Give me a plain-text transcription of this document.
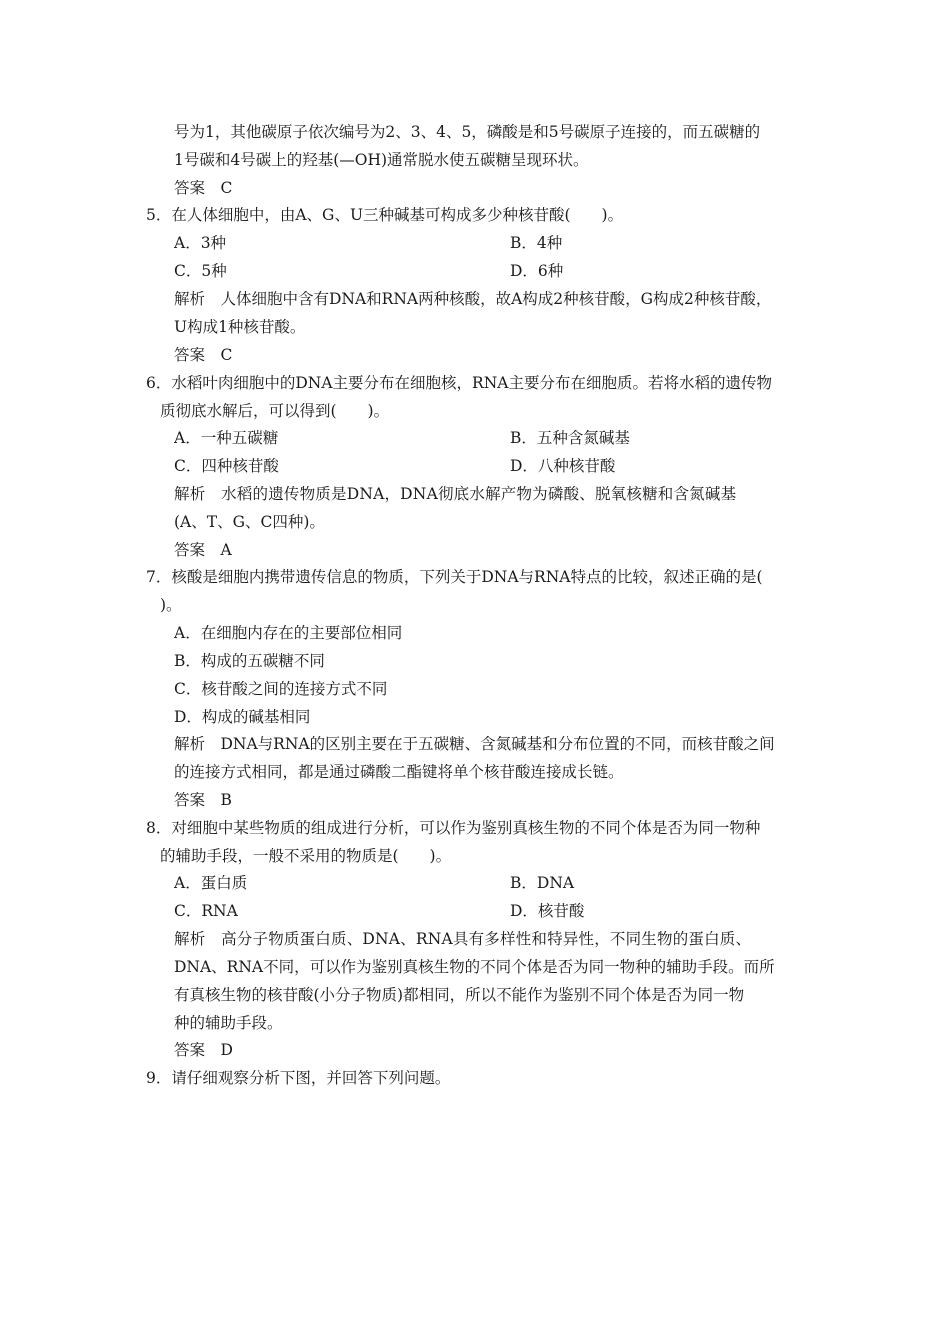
号为1，其他碳原子依次编号为2、3、4、5，磷酸是和5号碳原子连接的，而五碳糖的
1号碳和4号碳上的羟基(—OH)通常脱水使五碳糖呈现环状。
答案　C
5．在人体细胞中，由A、G、U三种碱基可构成多少种核苷酸(　　)。
A．3种	B．4种
C．5种	D．6种
解析　人体细胞中含有DNA和RNA两种核酸，故A构成2种核苷酸，G构成2种核苷酸，
U构成1种核苷酸。
答案　C
6．水稻叶肉细胞中的DNA主要分布在细胞核，RNA主要分布在细胞质。若将水稻的遗传物
质彻底水解后，可以得到(　　)。
A．一种五碳糖	B．五种含氮碱基
C．四种核苷酸	D．八种核苷酸
解析　水稻的遗传物质是DNA，DNA彻底水解产物为磷酸、脱氧核糖和含氮碱基
(A、T、G、C四种)。
答案　A
7．核酸是细胞内携带遗传信息的物质，下列关于DNA与RNA特点的比较，叙述正确的是(
)。
A．在细胞内存在的主要部位相同
B．构成的五碳糖不同
C．核苷酸之间的连接方式不同
D．构成的碱基相同
解析　DNA与RNA的区别主要在于五碳糖、含氮碱基和分布位置的不同，而核苷酸之间
的连接方式相同，都是通过磷酸二酯键将单个核苷酸连接成长链。
答案　B
8．对细胞中某些物质的组成进行分析，可以作为鉴别真核生物的不同个体是否为同一物种
的辅助手段，一般不采用的物质是(　　)。
A．蛋白质	B．DNA
C．RNA	D．核苷酸
解析　高分子物质蛋白质、DNA、RNA具有多样性和特异性，不同生物的蛋白质、
DNA、RNA不同，可以作为鉴别真核生物的不同个体是否为同一物种的辅助手段。而所
有真核生物的核苷酸(小分子物质)都相同，所以不能作为鉴别不同个体是否为同一物
种的辅助手段。
答案　D
9．请仔细观察分析下图，并回答下列问题。
